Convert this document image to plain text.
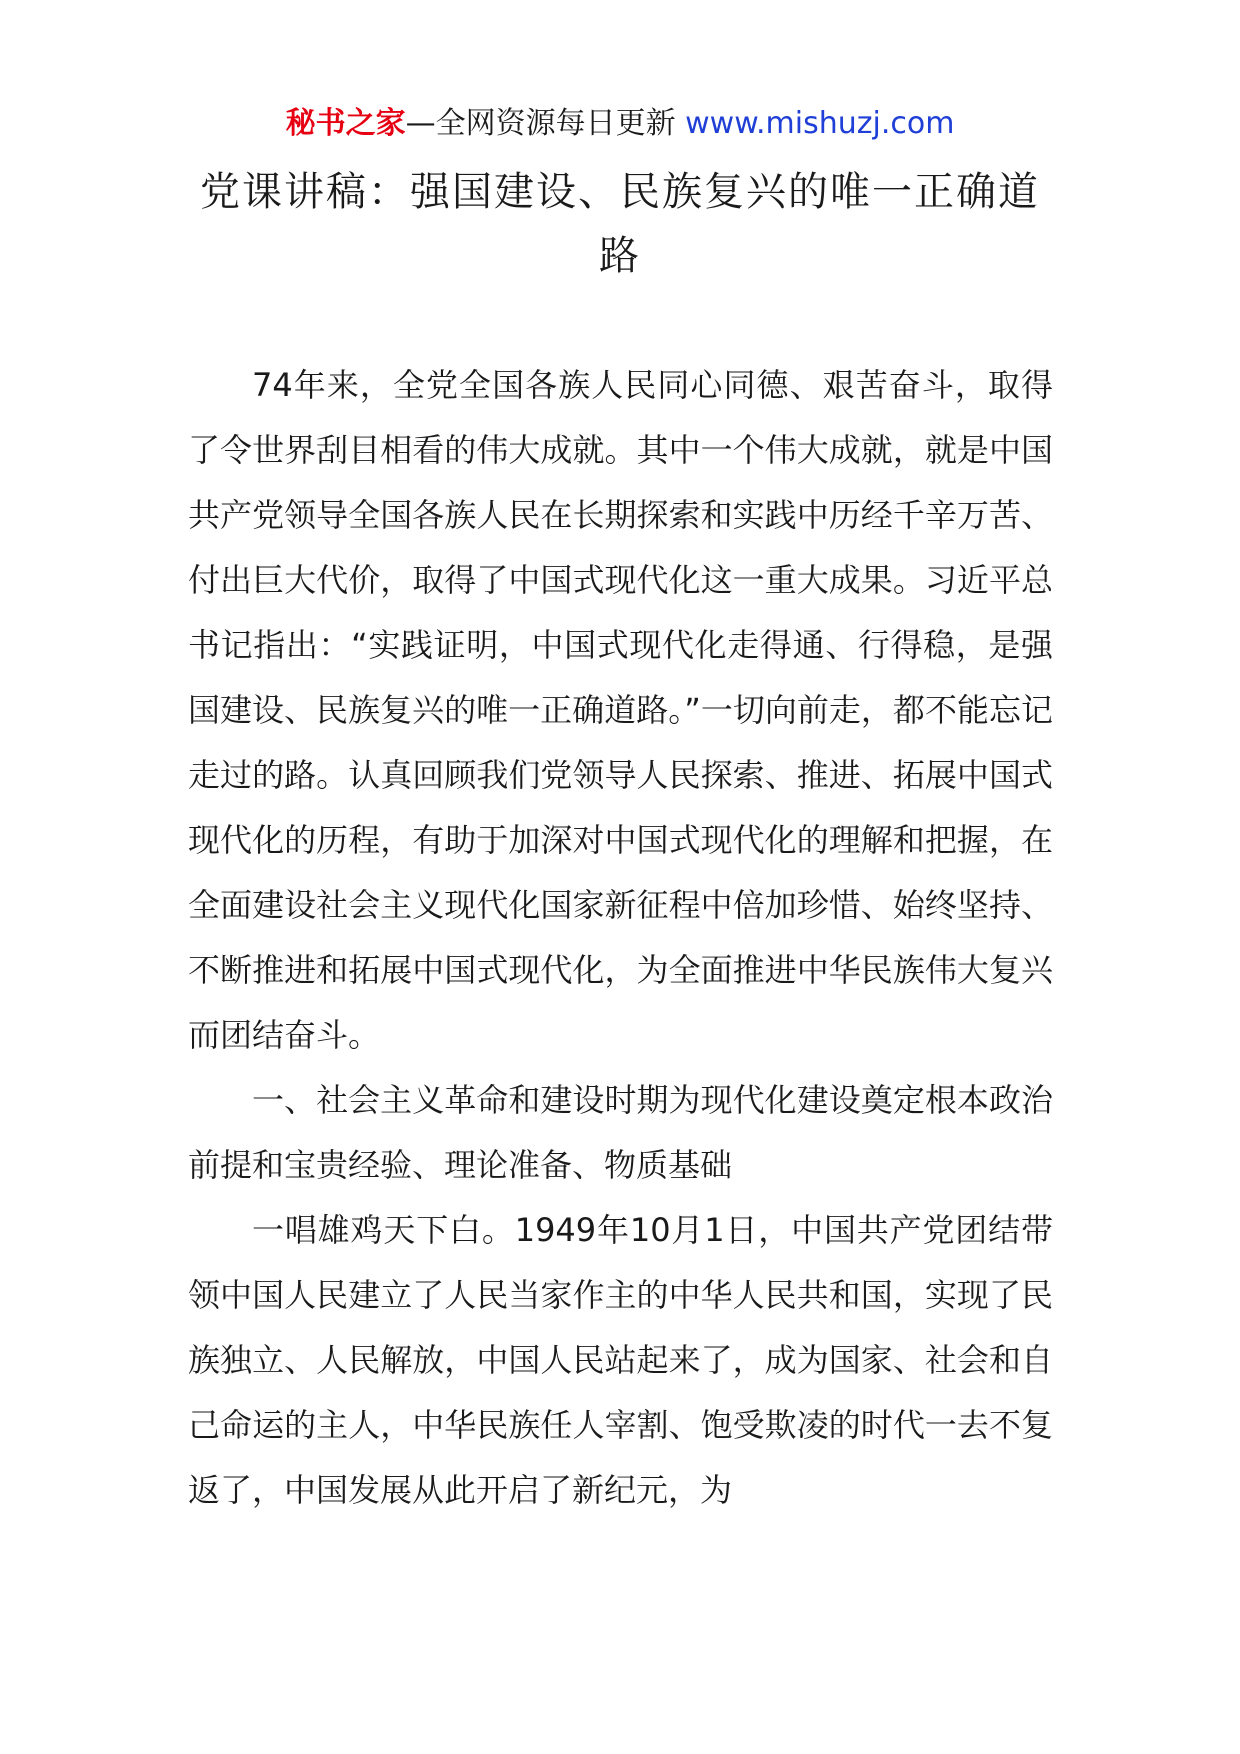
秘书之家—全网资源每日更新 www.mishuzj.com
党课讲稿：强国建设、民族复兴的唯一正确道路

74年来，全党全国各族人民同心同德、艰苦奋斗，取得了令世界刮目相看的伟大成就。其中一个伟大成就，就是中国共产党领导全国各族人民在长期探索和实践中历经千辛万苦、付出巨大代价，取得了中国式现代化这一重大成果。习近平总书记指出：“实践证明，中国式现代化走得通、行得稳，是强国建设、民族复兴的唯一正确道路。”一切向前走，都不能忘记走过的路。认真回顾我们党领导人民探索、推进、拓展中国式现代化的历程，有助于加深对中国式现代化的理解和把握，在全面建设社会主义现代化国家新征程中倍加珍惜、始终坚持、不断推进和拓展中国式现代化，为全面推进中华民族伟大复兴而团结奋斗。

一、社会主义革命和建设时期为现代化建设奠定根本政治前提和宝贵经验、理论准备、物质基础

一唱雄鸡天下白。1949年10月1日，中国共产党团结带领中国人民建立了人民当家作主的中华人民共和国，实现了民族独立、人民解放，中国人民站起来了，成为国家、社会和自己命运的主人，中华民族任人宰割、饱受欺凌的时代一去不复返了，中国发展从此开启了新纪元，为
